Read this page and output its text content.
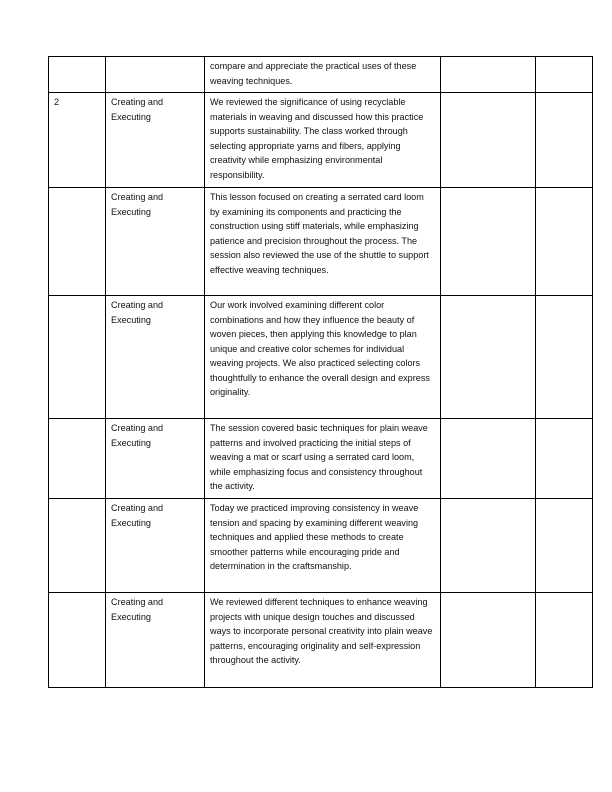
		compare and appreciate the practical uses of these weaving techniques.		
2	Creating and Executing	We reviewed the significance of using recyclable materials in weaving and discussed how this practice supports sustainability. The class worked through selecting appropriate yarns and fibers, applying creativity while emphasizing environmental responsibility.		
	Creating and Executing	This lesson focused on creating a serrated card loom by examining its components and practicing the construction using stiff materials, while emphasizing patience and precision throughout the process. The session also reviewed the use of the shuttle to support effective weaving techniques.		
	Creating and Executing	Our work involved examining different color combinations and how they influence the beauty of woven pieces, then applying this knowledge to plan unique and creative color schemes for individual weaving projects. We also practiced selecting colors thoughtfully to enhance the overall design and express originality.		
	Creating and Executing	The session covered basic techniques for plain weave patterns and involved practicing the initial steps of weaving a mat or scarf using a serrated card loom, while emphasizing focus and consistency throughout the activity.		
	Creating and Executing	Today we practiced improving consistency in weave tension and spacing by examining different weaving techniques and applied these methods to create smoother patterns while encouraging pride and determination in the craftsmanship.		
	Creating and Executing	We reviewed different techniques to enhance weaving projects with unique design touches and discussed ways to incorporate personal creativity into plain weave patterns, encouraging originality and self-expression throughout the activity.		
